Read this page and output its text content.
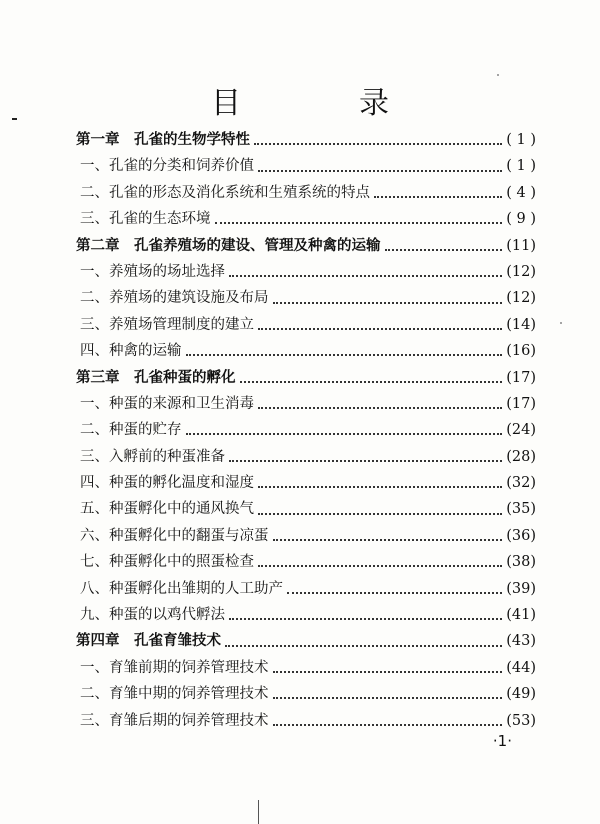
目　录
第一章　孔雀的生物学特性	( 1 )
一、孔雀的分类和饲养价值	( 1 )
二、孔雀的形态及消化系统和生殖系统的特点	( 4 )
三、孔雀的生态环境	( 9 )
第二章　孔雀养殖场的建设、管理及种禽的运输	(11)
一、养殖场的场址选择	(12)
二、养殖场的建筑设施及布局	(12)
三、养殖场管理制度的建立	(14)
四、种禽的运输	(16)
第三章　孔雀种蛋的孵化	(17)
一、种蛋的来源和卫生消毒	(17)
二、种蛋的贮存	(24)
三、入孵前的种蛋准备	(28)
四、种蛋的孵化温度和湿度	(32)
五、种蛋孵化中的通风换气	(35)
六、种蛋孵化中的翻蛋与凉蛋	(36)
七、种蛋孵化中的照蛋检查	(38)
八、种蛋孵化出雏期的人工助产	(39)
九、种蛋的以鸡代孵法	(41)
第四章　孔雀育雏技术	(43)
一、育雏前期的饲养管理技术	(44)
二、育雏中期的饲养管理技术	(49)
三、育雏后期的饲养管理技术	(53)
·1·
